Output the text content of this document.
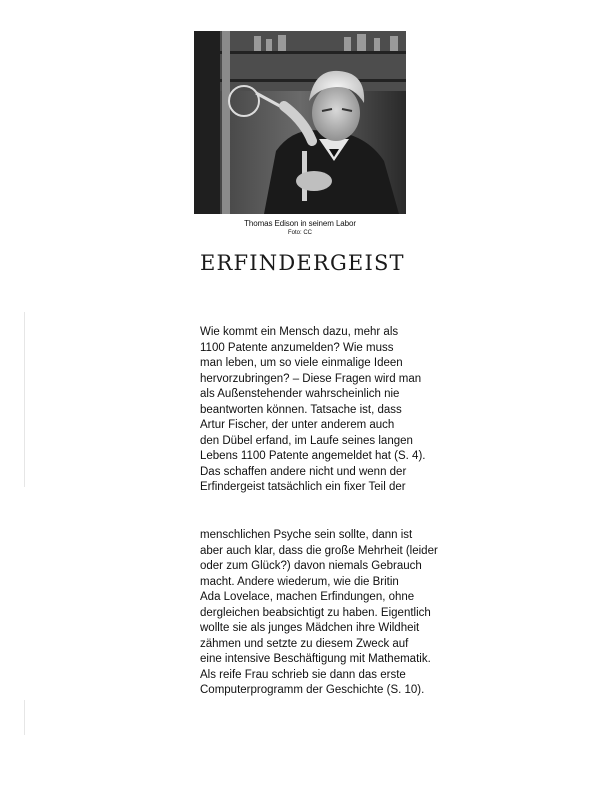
Thomas Edison in seinem Labor
Foto: CC
ERFINDERGEIST
Wie kommt ein Mensch dazu, mehr als
1100 Patente anzumelden? Wie muss
man leben, um so viele einmalige Ideen
hervorzubringen? – Diese Fragen wird man
als Außenstehender wahrscheinlich nie
beantworten können. Tatsache ist, dass
Artur Fischer, der unter anderem auch
den Dübel erfand, im Laufe seines langen
Lebens 1100 Patente angemeldet hat (S. 4).
Das schaffen andere nicht und wenn der
Erfindergeist tatsächlich ein fixer Teil der
menschlichen Psyche sein sollte, dann ist
aber auch klar, dass die große Mehrheit (leider
oder zum Glück?) davon niemals Gebrauch
macht. Andere wiederum, wie die Britin
Ada Lovelace, machen Erfindungen, ohne
dergleichen beabsichtigt zu haben. Eigentlich
wollte sie als junges Mädchen ihre Wildheit
zähmen und setzte zu diesem Zweck auf
eine intensive Beschäftigung mit Mathematik.
Als reife Frau schrieb sie dann das erste
Computerprogramm der Geschichte (S. 10).
